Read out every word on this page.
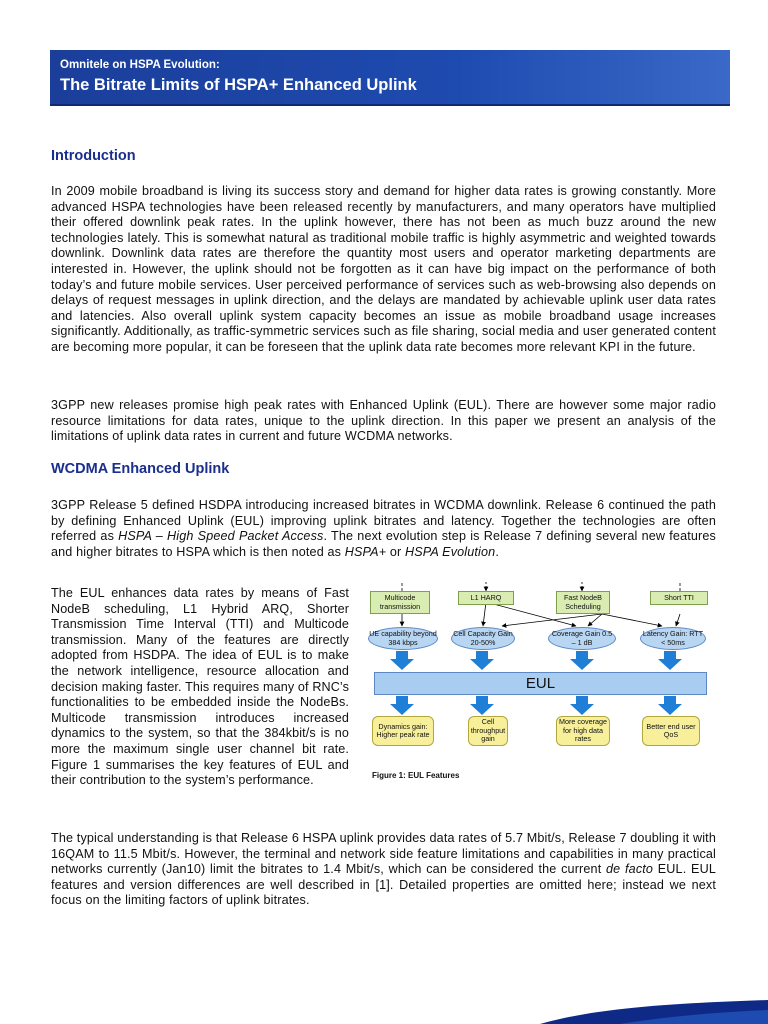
Omnitele on HSPA Evolution:
The Bitrate Limits of HSPA+ Enhanced Uplink
Introduction

In 2009 mobile broadband is living its success story and demand for higher data rates is growing constantly. More advanced HSPA technologies have been released recently by manufacturers, and many operators have multiplied their offered downlink peak rates. In the uplink however, there has not been as much buzz around the new technologies lately. This is somewhat natural as traditional mobile traffic is highly asymmetric and weighted towards downlink. Downlink data rates are therefore the quantity most users and operator marketing departments are interested in. However, the uplink should not be forgotten as it can have big impact on the performance of both today’s and future mobile services. User perceived performance of services such as web-browsing also depends on delays of request messages in uplink direction, and the delays are mandated by achievable uplink user data rates and latencies. Also overall uplink system capacity becomes an issue as mobile broadband usage increases significantly. Additionally, as traffic-symmetric services such as file sharing, social media and user generated content are becoming more popular, it can be foreseen that the uplink data rate becomes more relevant KPI in the future.

3GPP new releases promise high peak rates with Enhanced Uplink (EUL). There are however some major radio resource limitations for data rates, unique to the uplink direction. In this paper we present an analysis of the limitations of uplink data rates in current and future WCDMA networks.

WCDMA Enhanced Uplink

3GPP Release 5 defined HSDPA introducing increased bitrates in WCDMA downlink. Release 6 continued the path by defining Enhanced Uplink (EUL) improving uplink bitrates and latency. Together the technologies are often referred as HSPA – High Speed Packet Access. The next evolution step is Release 7 defining several new features and higher bitrates to HSPA which is then noted as HSPA+ or HSPA Evolution.

The EUL enhances data rates by means of Fast NodeB scheduling, L1 Hybrid ARQ, Shorter Transmission Time Interval (TTI) and Multicode transmission. Many of the features are directly adopted from HSDPA. The idea of EUL is to make the network intelligence, resource allocation and decision making faster. This requires many of RNC’s functionalities to be embedded inside the NodeBs. Multicode transmission introduces increased dynamics to the system, so that the 384kbit/s is no more the maximum single user channel bit rate. Figure 1 summarises the key features of EUL and their contribution to the system’s performance.

Multicode transmission
L1 HARQ	Fast NodeB Scheduling
Short TTI
UE capability beyond 384 kbps
Cell Capacity Gain 20-50%
Coverage Gain 0.5 – 1 dB
Latency Gain: RTT < 50ms
EUL
Dynamics gain: Higher peak rate
Cell throughput gain
More coverage for high data rates
Better end user QoS
Figure 1: EUL Features

The typical understanding is that Release 6 HSPA uplink provides data rates of 5.7 Mbit/s, Release 7 doubling it with 16QAM to 11.5 Mbit/s. However, the terminal and network side feature limitations and capabilities in many practical networks currently (Jan10) limit the bitrates to 1.4 Mbit/s, which can be considered the current de facto EUL. EUL features and version differences are well described in [1]. Detailed properties are omitted here; instead we next focus on the limiting factors of uplink bitrates.
